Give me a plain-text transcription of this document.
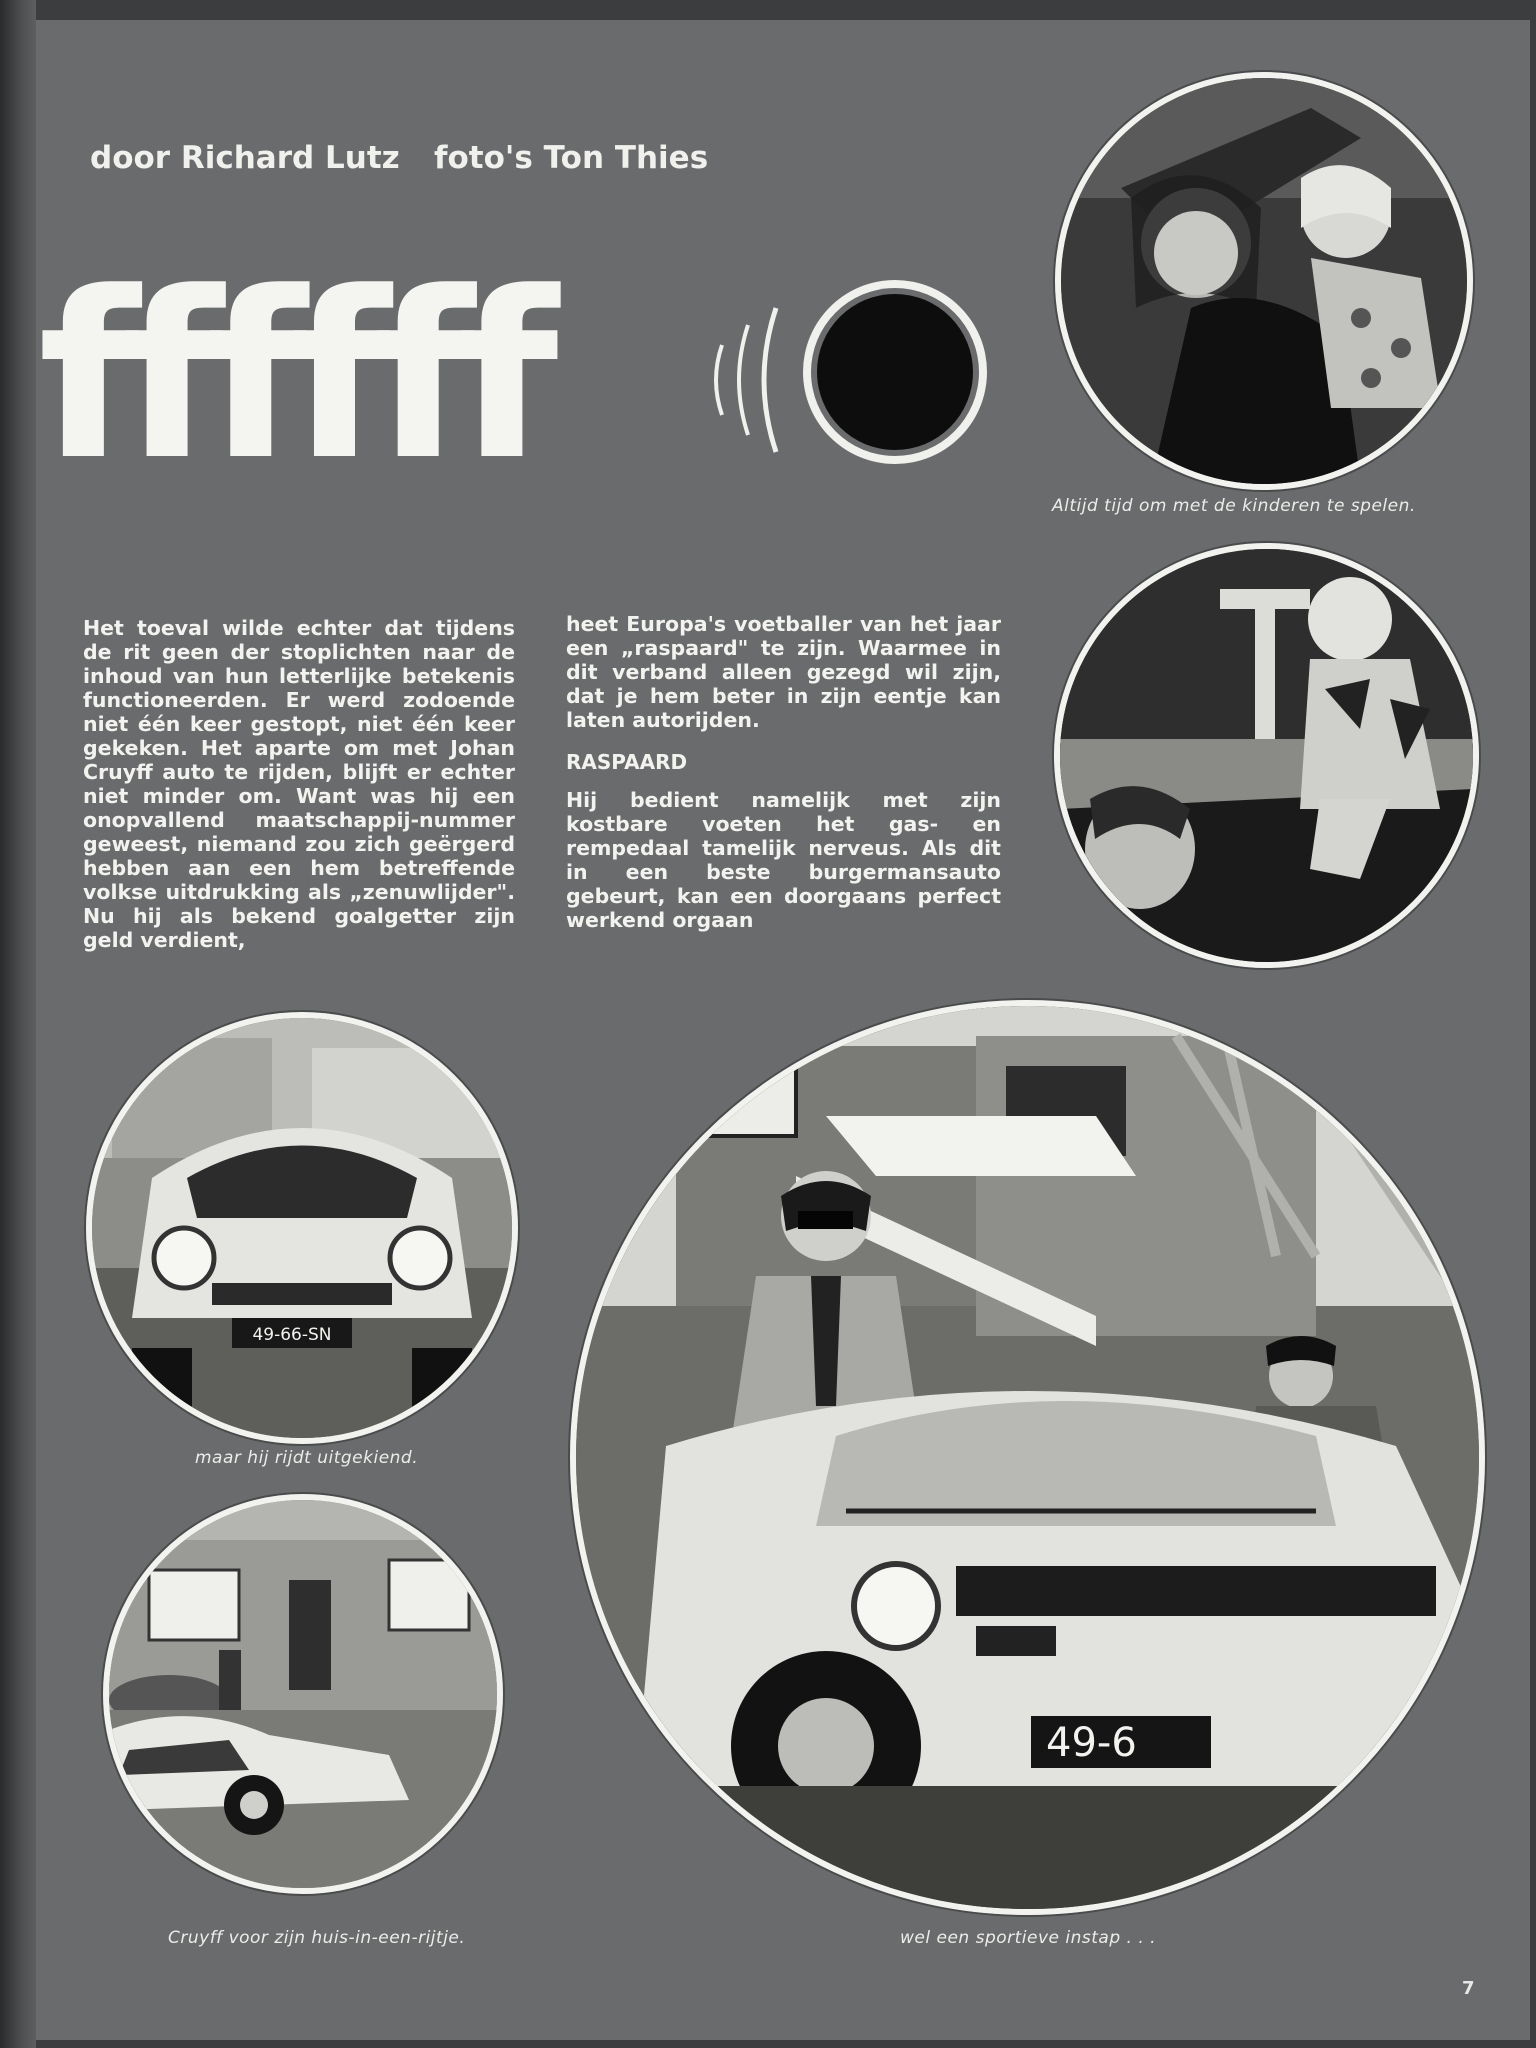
door Richard Lutz foto's Ton Thies
ffffff	Altijd tijd om met de kinderen te spelen.

Het toeval wilde echter dat tijdens de rit geen der stoplichten naar de inhoud van hun letterlijke betekenis functioneerden. Er werd zodoende niet één keer gestopt, niet één keer gekeken. Het aparte om met Johan Cruyff auto te rijden, blijft er echter niet minder om. Want was hij een onopvallend maatschappij-nummer geweest, niemand zou zich geërgerd hebben aan een hem betreffende volkse uitdrukking als „zenuwlijder". Nu hij als bekend goalgetter zijn geld verdient,

heet Europa's voetballer van het jaar een „raspaard" te zijn. Waarmee in dit verband alleen gezegd wil zijn, dat je hem beter in zijn eentje kan laten autorijden.

RASPAARD

Hij bedient namelijk met zijn kostbare voeten het gas- en rempedaal tamelijk nerveus. Als dit in een beste burgermansauto gebeurt, kan een doorgaans perfect werkend orgaan

49-66-SN
maar hij rijdt uitgekiend.
Cruyff voor zijn huis-in-een-rijtje.
49-6
wel een sportieve instap . . .
7
